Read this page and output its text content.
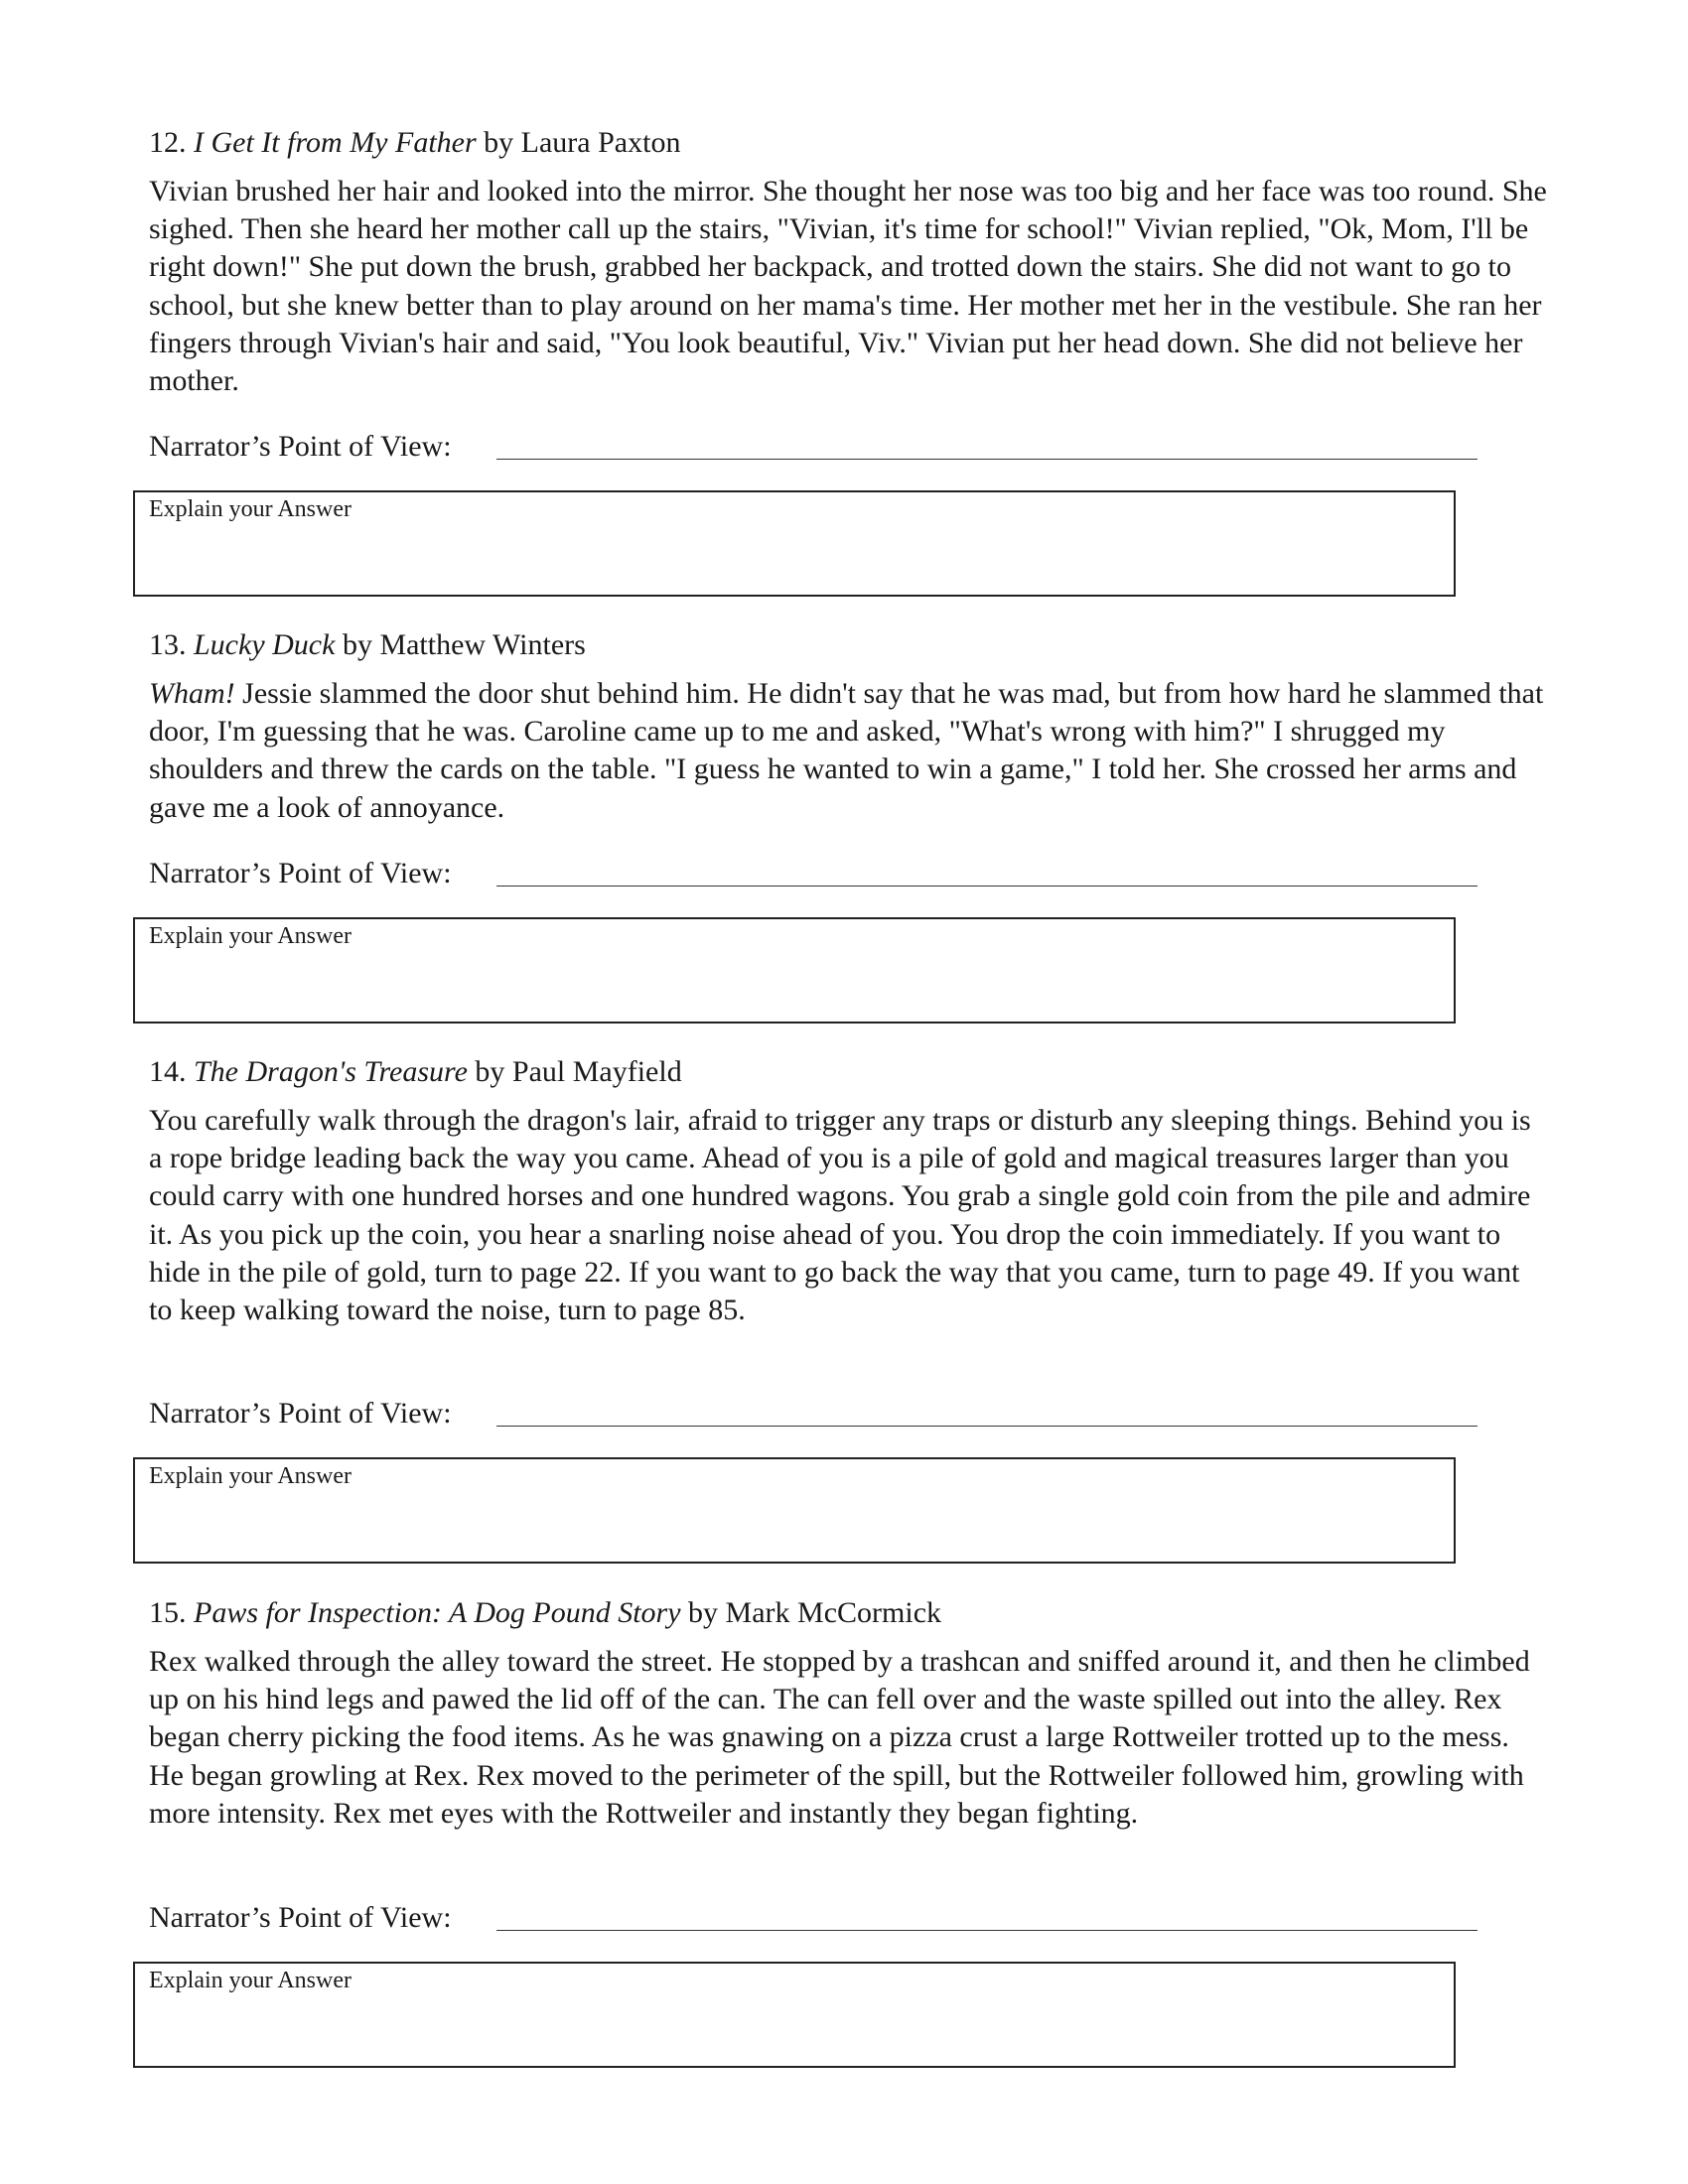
12. I Get It from My Father by Laura Paxton

Vivian brushed her hair and looked into the mirror. She thought her nose was too big and her face was too round. She sighed. Then she heard her mother call up the stairs, "Vivian, it's time for school!" Vivian replied, "Ok, Mom, I'll be right down!" She put down the brush, grabbed her backpack, and trotted down the stairs. She did not want to go to school, but she knew better than to play around on her mama's time. Her mother met her in the vestibule. She ran her fingers through Vivian's hair and said, "You look beautiful, Viv." Vivian put her head down. She did not believe her mother.

Narrator’s Point of View:
Explain your Answer

13. Lucky Duck by Matthew Winters

Wham! Jessie slammed the door shut behind him. He didn't say that he was mad, but from how hard he slammed that door, I'm guessing that he was. Caroline came up to me and asked, "What's wrong with him?" I shrugged my shoulders and threw the cards on the table. "I guess he wanted to win a game," I told her. She crossed her arms and gave me a look of annoyance.

Narrator’s Point of View:
Explain your Answer

14. The Dragon's Treasure by Paul Mayfield

You carefully walk through the dragon's lair, afraid to trigger any traps or disturb any sleeping things. Behind you is a rope bridge leading back the way you came. Ahead of you is a pile of gold and magical treasures larger than you could carry with one hundred horses and one hundred wagons. You grab a single gold coin from the pile and admire it. As you pick up the coin, you hear a snarling noise ahead of you. You drop the coin immediately. If you want to hide in the pile of gold, turn to page 22. If you want to go back the way that you came, turn to page 49. If you want to keep walking toward the noise, turn to page 85.

Narrator’s Point of View:
Explain your Answer

15. Paws for Inspection: A Dog Pound Story by Mark McCormick

Rex walked through the alley toward the street. He stopped by a trashcan and sniffed around it, and then he climbed up on his hind legs and pawed the lid off of the can. The can fell over and the waste spilled out into the alley. Rex began cherry picking the food items. As he was gnawing on a pizza crust a large Rottweiler trotted up to the mess. He began growling at Rex. Rex moved to the perimeter of the spill, but the Rottweiler followed him, growling with more intensity. Rex met eyes with the Rottweiler and instantly they began fighting.

Narrator’s Point of View:
Explain your Answer
